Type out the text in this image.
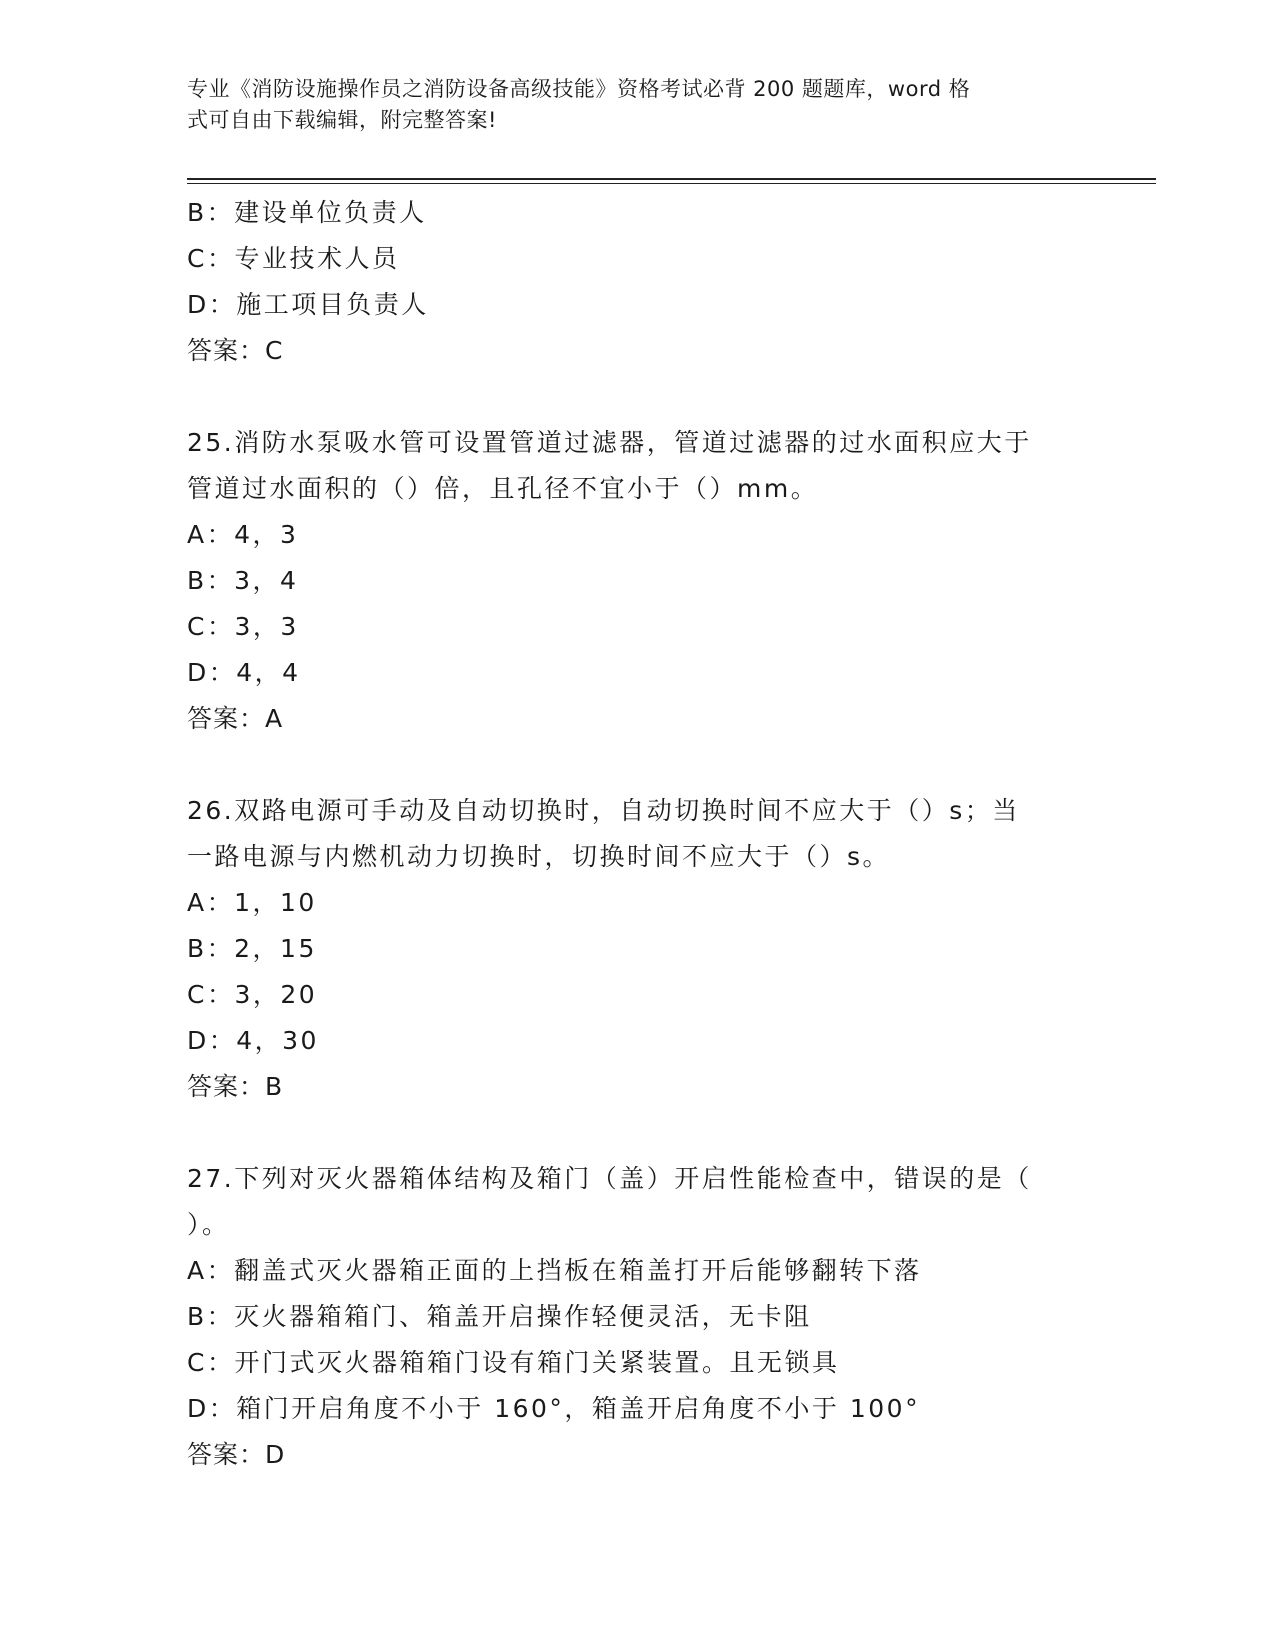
专业《消防设施操作员之消防设备高级技能》资格考试必背 200 题题库，word 格
式可自由下载编辑，附完整答案!
B：建设单位负责人
C：专业技术人员
D：施工项目负责人
答案：C
25.消防水泵吸水管可设置管道过滤器，管道过滤器的过水面积应大于
管道过水面积的（）倍，且孔径不宜小于（）mm。
A：4，3
B：3，4
C：3，3
D：4，4
答案：A
26.双路电源可手动及自动切换时，自动切换时间不应大于（）s；当
一路电源与内燃机动力切换时，切换时间不应大于（）s。
A：1，10
B：2，15
C：3，20
D：4，30
答案：B
27.下列对灭火器箱体结构及箱门（盖）开启性能检查中，错误的是（
）。
A：翻盖式灭火器箱正面的上挡板在箱盖打开后能够翻转下落
B：灭火器箱箱门、箱盖开启操作轻便灵活，无卡阻
C：开门式灭火器箱箱门设有箱门关紧装置。且无锁具
D：箱门开启角度不小于 160°，箱盖开启角度不小于 100°
答案：D
